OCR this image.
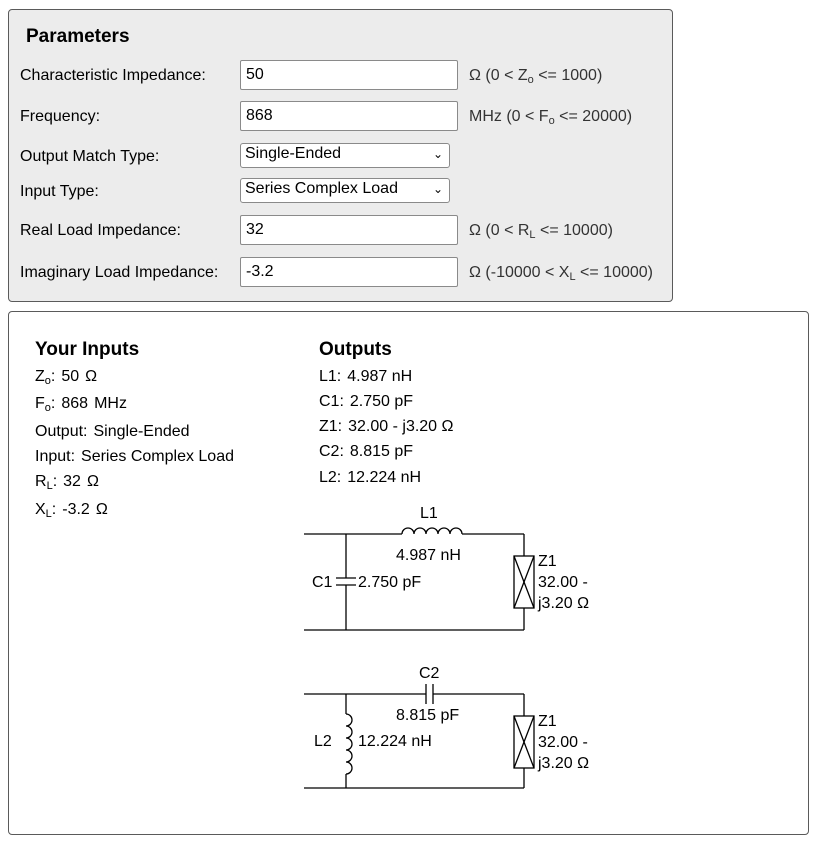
Parameters
Characteristic Impedance:
50	Ω $(0 < Z_o <= 1000)$
Frequency:
868	MHz $(0 < F_o <= 20000)$
Output Match Type:	Single-Ended	⌄
Input Type:	Series Complex Load	⌄
Real Load Impedance:
32	Ω $(0 < R_L <= 10000)$
Imaginary Load Impedance:
-3.2	Ω $(-10000 < X_L <= 10000)$
Your Inputs
$Z_o$: 50 Ω
$F_o$: 868 MHz
Output: Single-Ended
Input: Series Complex Load
$R_L$: 32 Ω
$X_L$: -3.2 Ω
Outputs
L1: 4.987 nH
C1: 2.750 pF
Z1: 32.00 - j3.20 Ω
C2: 8.815 pF
L2: 12.224 nH
L1
4.987 nH
C1 2.750 pF
Z1
32.00 -
j3.20 Ω
C2
8.815 pF
L2 12.224 nH
Z1
32.00 -
j3.20 Ω
